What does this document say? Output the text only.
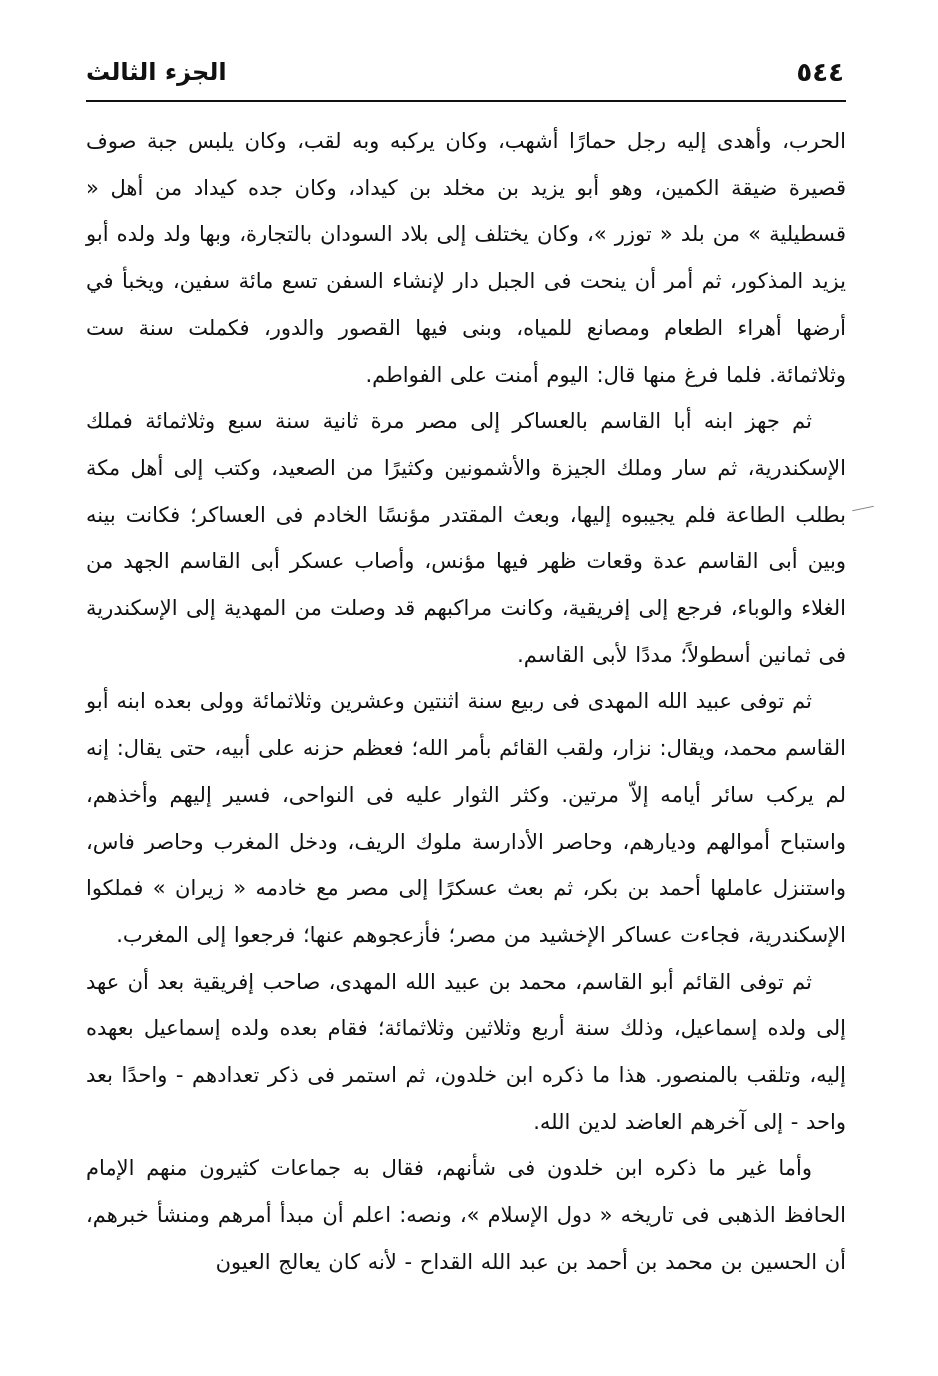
٥٤٤
الجزء الثالث

الحرب، وأهدى إليه رجل حمارًا أشهب، وكان يركبه وبه لقب، وكان يلبس جبة صوف قصيرة ضيقة الكمين، وهو أبو يزيد بن مخلد بن كيداد، وكان جده كيداد من أهل « قسطيلية » من بلد « توزر »، وكان يختلف إلى بلاد السودان بالتجارة، وبها ولد ولده أبو يزيد المذكور، ثم أمر أن ينحت فى الجبل دار لإنشاء السفن تسع مائة سفين، ويخبأ في أرضها أهراء الطعام ومصانع للمياه، وبنى فيها القصور والدور، فكملت سنة ست وثلاثمائة. فلما فرغ منها قال: اليوم أمنت على الفواطم.

ثم جهز ابنه أبا القاسم بالعساكر إلى مصر مرة ثانية سنة سبع وثلاثمائة فملك الإسكندرية، ثم سار وملك الجيزة والأشمونين وكثيرًا من الصعيد، وكتب إلى أهل مكة بطلب الطاعة فلم يجيبوه إليها، وبعث المقتدر مؤنسًا الخادم فى العساكر؛ فكانت بينه وبين أبى القاسم عدة وقعات ظهر فيها مؤنس، وأصاب عسكر أبى القاسم الجهد من الغلاء والوباء، فرجع إلى إفريقية، وكانت مراكبهم قد وصلت من المهدية إلى الإسكندرية فى ثمانين أسطولاً؛ مددًا لأبى القاسم.

ثم توفى عبيد الله المهدى فى ربيع سنة اثنتين وعشرين وثلاثمائة وولى بعده ابنه أبو القاسم محمد، ويقال: نزار، ولقب القائم بأمر الله؛ فعظم حزنه على أبيه، حتى يقال: إنه لم يركب سائر أيامه إلاّ مرتين. وكثر الثوار عليه فى النواحى، فسير إليهم وأخذهم، واستباح أموالهم وديارهم، وحاصر الأدارسة ملوك الريف، ودخل المغرب وحاصر فاس، واستنزل عاملها أحمد بن بكر، ثم بعث عسكرًا إلى مصر مع خادمه « زيران » فملكوا الإسكندرية، فجاءت عساكر الإخشيد من مصر؛ فأزعجوهم عنها؛ فرجعوا إلى المغرب.

ثم توفى القائم أبو القاسم، محمد بن عبيد الله المهدى، صاحب إفريقية بعد أن عهد إلى ولده إسماعيل، وذلك سنة أربع وثلاثين وثلاثمائة؛ فقام بعده ولده إسماعيل بعهده إليه، وتلقب بالمنصور. هذا ما ذكره ابن خلدون، ثم استمر فى ذكر تعدادهم - واحدًا بعد واحد - إلى آخرهم العاضد لدين الله.

وأما غير ما ذكره ابن خلدون فى شأنهم، فقال به جماعات كثيرون منهم الإمام الحافظ الذهبى فى تاريخه « دول الإسلام »، ونصه: اعلم أن مبدأ أمرهم ومنشأ خبرهم، أن الحسين بن محمد بن أحمد بن عبد الله القداح - لأنه كان يعالج العيون
